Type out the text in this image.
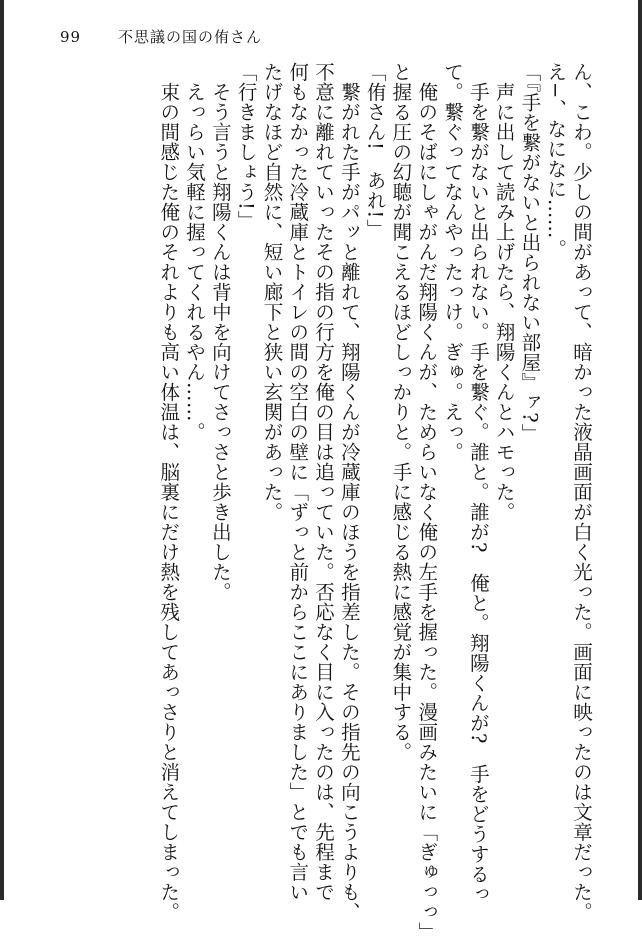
99	不思議の国の侑さん
ん、こわ。少しの間があって、暗かった液晶画面が白く光った。画面に映ったのは文章だった。
え−、なになに……。
「『手を繋がないと出られない部屋』ァ?」
　声に出して読み上げたら、翔陽くんとハモった。
　手を繋がないと出られない。手を繋ぐ。誰と。誰が?　俺と。翔陽くんが?　手をどうするっ
て。繋ぐってなんやったっけ。ぎゅ。えっ。
　俺のそばにしゃがんだ翔陽くんが、ためらいなく俺の左手を握った。漫画みたいに「ぎゅっっ」
と握る圧の幻聴が聞こえるほどしっかりと。手に感じる熱に感覚が集中する。
「侑さん!　あれ!」
　繋がれた手がパッと離れて、翔陽くんが冷蔵庫のほうを指差した。その指先の向こうよりも、
不意に離れていったその指の行方を俺の目は追っていた。否応なく目に入ったのは、先程まで
何もなかった冷蔵庫とトイレの間の空白の壁に「ずっと前からここにありました」とでも言い
たげなほど自然に、短い廊下と狭い玄関があった。
「行きましょう!」
　そう言うと翔陽くんは背中を向けてさっさと歩き出した。
　えっらい気軽に握ってくれるやん……。
　束の間感じた俺のそれよりも高い体温は、脳裏にだけ熱を残してあっさりと消えてしまった。
